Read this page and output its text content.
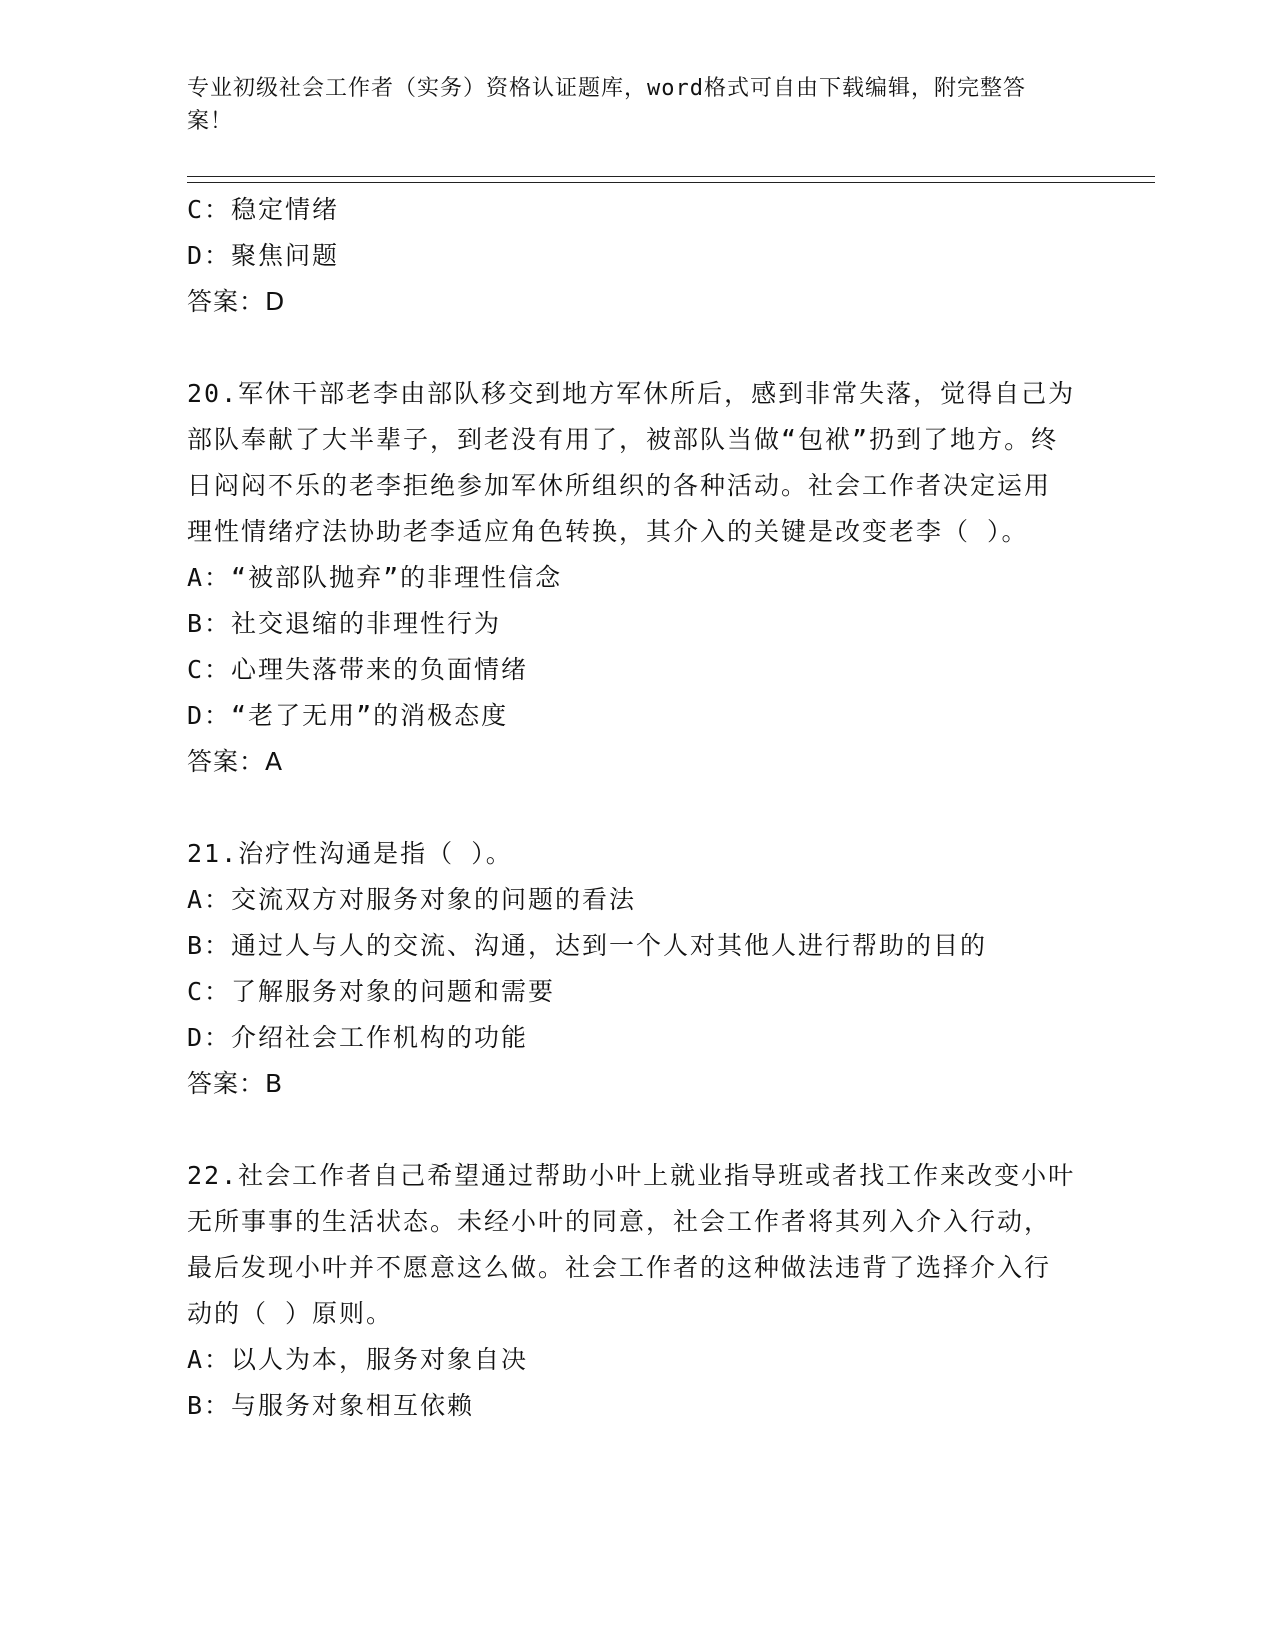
专业初级社会工作者（实务）资格认证题库，word格式可自由下载编辑，附完整答案！
C：稳定情绪
D：聚焦问题
答案：D
20.军休干部老李由部队移交到地方军休所后，感到非常失落，觉得自己为部队奉献了大半辈子，到老没有用了，被部队当做“包袱”扔到了地方。终日闷闷不乐的老李拒绝参加军休所组织的各种活动。社会工作者决定运用理性情绪疗法协助老李适应角色转换，其介入的关键是改变老李（ ）。
A：“被部队抛弃”的非理性信念
B：社交退缩的非理性行为
C：心理失落带来的负面情绪
D：“老了无用”的消极态度
答案：A
21.治疗性沟通是指（ ）。
A：交流双方对服务对象的问题的看法
B：通过人与人的交流、沟通，达到一个人对其他人进行帮助的目的
C：了解服务对象的问题和需要
D：介绍社会工作机构的功能
答案：B
22.社会工作者自己希望通过帮助小叶上就业指导班或者找工作来改变小叶无所事事的生活状态。未经小叶的同意，社会工作者将其列入介入行动，最后发现小叶并不愿意这么做。社会工作者的这种做法违背了选择介入行动的（ ）原则。
A：以人为本，服务对象自决
B：与服务对象相互依赖
